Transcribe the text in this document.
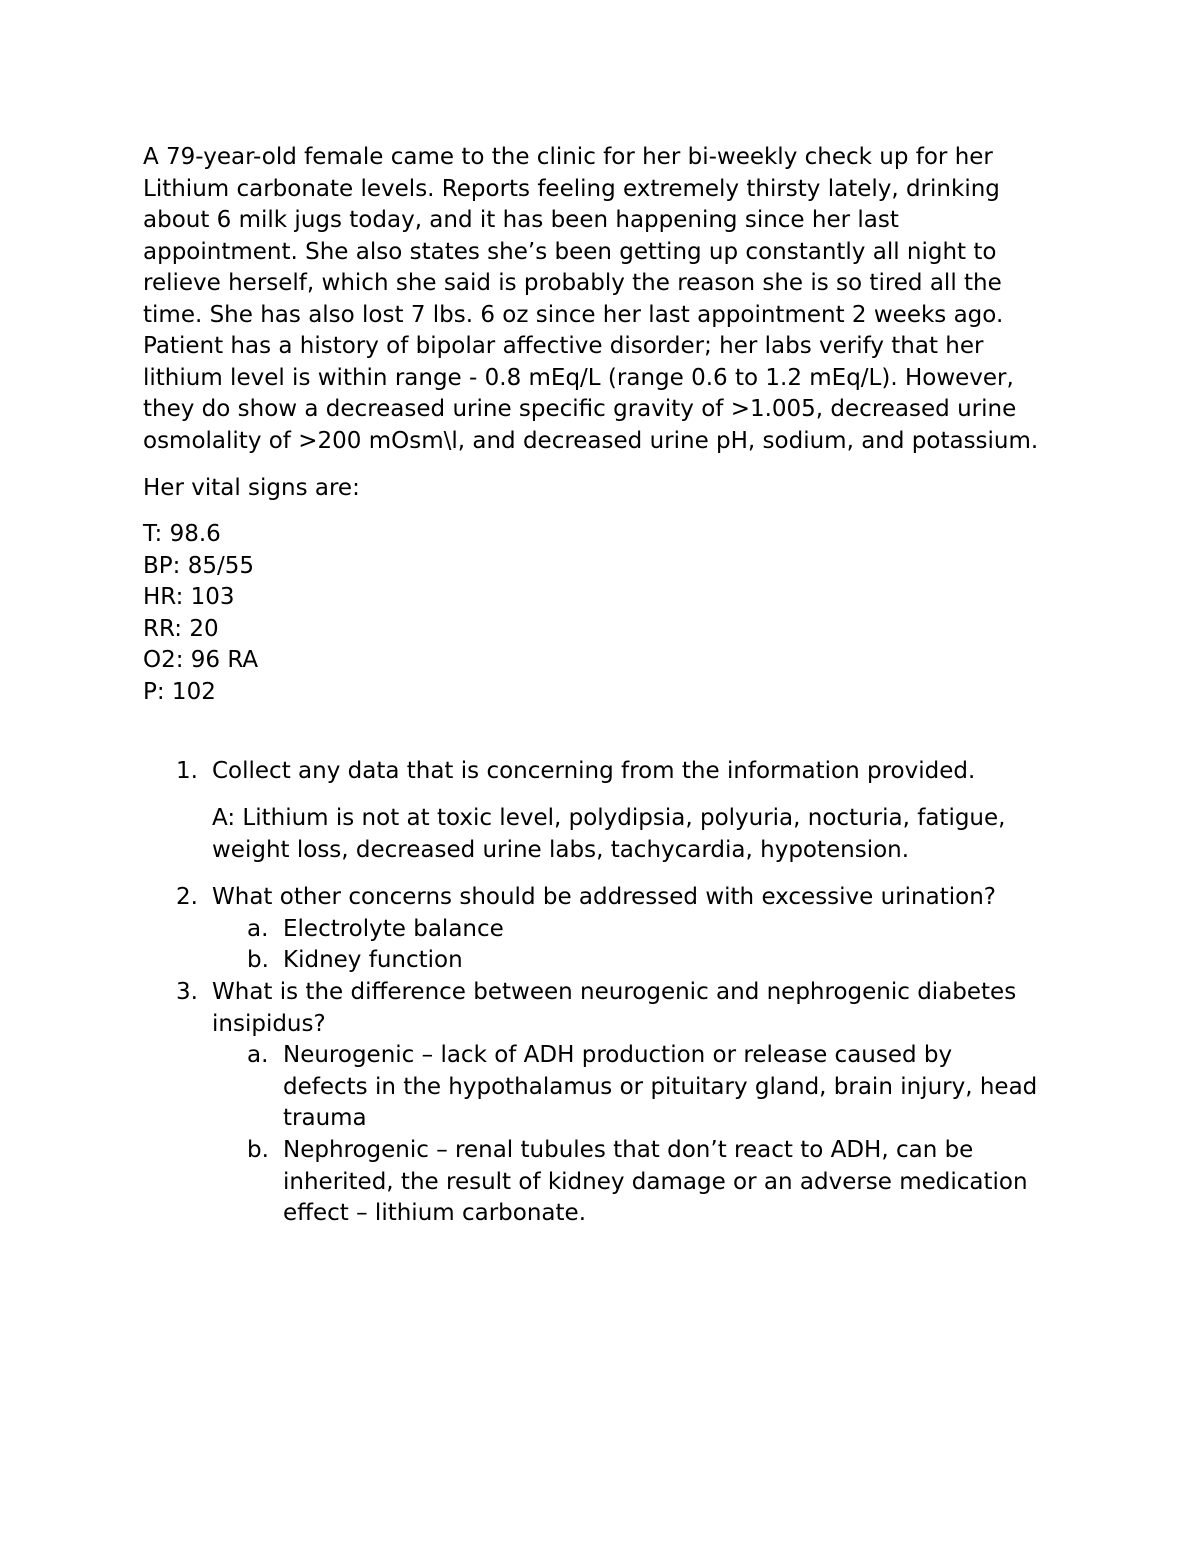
A 79-year-old female came to the clinic for her bi-weekly check up for her
Lithium carbonate levels. Reports feeling extremely thirsty lately, drinking
about 6 milk jugs today, and it has been happening since her last
appointment. She also states she’s been getting up constantly all night to
relieve herself, which she said is probably the reason she is so tired all the
time. She has also lost 7 lbs. 6 oz since her last appointment 2 weeks ago.
Patient has a history of bipolar affective disorder; her labs verify that her
lithium level is within range - 0.8 mEq/L (range 0.6 to 1.2 mEq/L). However,
they do show a decreased urine specific gravity of >1.005, decreased urine
osmolality of >200 mOsm\l, and decreased urine pH, sodium, and potassium.
Her vital signs are:
T: 98.6
BP: 85/55
HR: 103
RR: 20
O2: 96 RA
P: 102
1. Collect any data that is concerning from the information provided.
A: Lithium is not at toxic level, polydipsia, polyuria, nocturia, fatigue,
weight loss, decreased urine labs, tachycardia, hypotension.
2. What other concerns should be addressed with excessive urination?
a. Electrolyte balance
b. Kidney function
3. What is the difference between neurogenic and nephrogenic diabetes
insipidus?
a. Neurogenic – lack of ADH production or release caused by
defects in the hypothalamus or pituitary gland, brain injury, head
trauma
b. Nephrogenic – renal tubules that don’t react to ADH, can be
inherited, the result of kidney damage or an adverse medication
effect – lithium carbonate.
